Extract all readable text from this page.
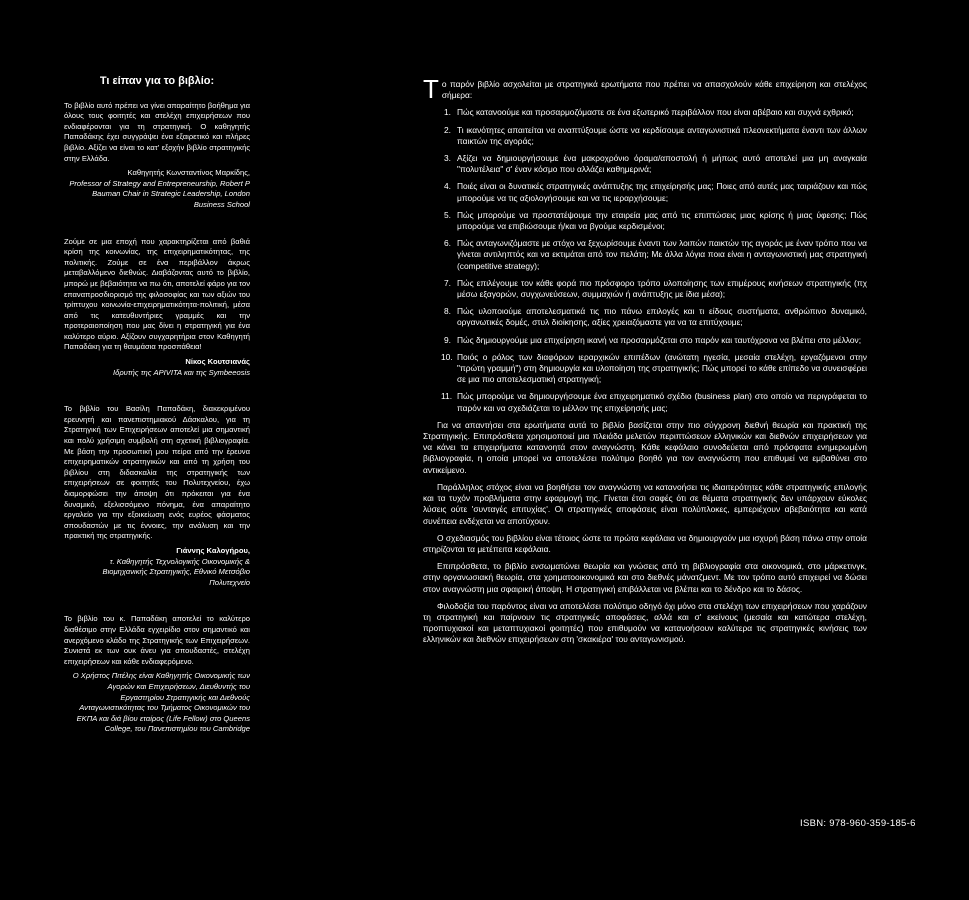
Τι είπαν για το βιβλίο:

Το βιβλίο αυτό πρέπει να γίνει απαραίτητο βοήθημα για όλους τους φοιτητές και στελέχη επιχειρήσεων που ενδιαφέρονται για τη στρατηγική. Ο καθηγητής Παπαδάκης έχει συγγράψει ένα εξαιρετικό και πλήρες βιβλίο. Αξίζει να είναι το κατ' εξοχήν βιβλίο στρατηγικής στην Ελλάδα.

Καθηγητής Κωνσταντίνος Μαρκίδης,
Professor of Strategy and Entrepreneurship, Robert P Bauman Chair in Strategic Leadership, London Business School

Ζούμε σε μια εποχή που χαρακτηρίζεται από βαθιά κρίση της κοινωνίας, της επιχειρηματικότητας, της πολιτικής. Ζούμε σε ένα περιβάλλον άκρως μεταβαλλόμενο διεθνώς. Διαβάζοντας αυτό το βιβλίο, μπορώ με βεβαιότητα να πω ότι, αποτελεί φάρο για τον επαναπροσδιορισμό της φιλοσοφίας και των αξιών του τρίπτυχου κοινωνία-επιχειρηματικότητα-πολιτική, μέσα από τις κατευθυντήριες γραμμές και την προτεραιοποίηση που μας δίνει η στρατηγική για ένα καλύτερο αύριο. Αξίζουν συγχαρητήρια στον Καθηγητή Παπαδάκη για τη θαυμάσια προσπάθεια!

Νίκος Κουτσιανάς
Ιδρυτής της APIVITA και της Symbeeosis

Το βιβλίο του Βασίλη Παπαδάκη, διακεκριμένου ερευνητή και πανεπιστημιακού Δάσκαλου, για τη Στρατηγική των Επιχειρήσεων αποτελεί μια σημαντική και πολύ χρήσιμη συμβολή στη σχετική βιβλιογραφία. Με βάση την προσωπική μου πείρα από την έρευνα επιχειρηματικών στρατηγικών και από τη χρήση του βιβλίου στη διδασκαλία της στρατηγικής των επιχειρήσεων σε φοιτητές του Πολυτεχνείου, έχω διαμορφώσει την άποψη ότι πρόκειται για ένα δυναμικό, εξελισσόμενο πόνημα, ένα απαραίτητο εργαλείο για την εξοικείωση ενός ευρέος φάσματος σπουδαστών με τις έννοιες, την ανάλυση και την πρακτική της στρατηγικής.

Γιάννης Καλογήρου,
τ. Καθηγητής Τεχνολογικής Οικονομικής & Βιομηχανικής Στρατηγικής, Εθνικό Μετσόβιο Πολυτεχνείο

Το βιβλίο του κ. Παπαδάκη αποτελεί το καλύτερο διαθέσιμο στην Ελλάδα εγχειρίδιο στον σημαντικό και ανερχόμενο κλάδο της Στρατηγικής των Επιχειρήσεων. Συνιστά εκ των ουκ άνευ για σπουδαστές, στελέχη επιχειρήσεων και κάθε ενδιαφερόμενο.

Ο Χρήστος Πιτέλης είναι Καθηγητής Οικονομικής των Αγορών και Επιχειρήσεων, Διευθυντής του Εργαστηρίου Στρατηγικής και Διεθνούς Ανταγωνιστικότητας του Τμήματος Οικονομικών του ΕΚΠΑ και διά βίου εταίρος (Life Fellow) στο Queens College, του Πανεπιστημίου του Cambridge

Το παρόν βιβλίο ασχολείται με στρατηγικά ερωτήματα που πρέπει να απασχολούν κάθε επιχείρηση και στελέχος σήμερα:

1. Πώς κατανοούμε και προσαρμοζόμαστε σε ένα εξωτερικό περιβάλλον που είναι αβέβαιο και συχνά εχθρικό;
2. Τι ικανότητες απαιτείται να αναπτύξουμε ώστε να κερδίσουμε ανταγωνιστικά πλεονεκτήματα έναντι των άλλων παικτών της αγοράς;
3. Αξίζει να δημιουργήσουμε ένα μακροχρόνιο όραμα/αποστολή ή μήπως αυτό αποτελεί μια μη αναγκαία "πολυτέλεια" σ' έναν κόσμο που αλλάζει καθημερινά;
4. Ποιές είναι οι δυνατικές στρατηγικές ανάπτυξης της επιχείρησής μας; Ποιες από αυτές μας ταιριάζουν και πώς μπορούμε να τις αξιολογήσουμε και να τις ιεραρχήσουμε;
5. Πώς μπορούμε να προστατέψουμε την εταιρεία μας από τις επιπτώσεις μιας κρίσης ή μιας ύφεσης; Πώς μπορούμε να επιβιώσουμε ή/και να βγούμε κερδισμένοι;
6. Πώς ανταγωνιζόμαστε με στόχο να ξεχωρίσουμε έναντι των λοιπών παικτών της αγοράς με έναν τρόπο που να γίνεται αντιληπτός και να εκτιμάται από τον πελάτη; Με άλλα λόγια ποια είναι η ανταγωνιστική μας στρατηγική (competitive strategy);
7. Πώς επιλέγουμε τον κάθε φορά πιο πρόσφορο τρόπο υλοποίησης των επιμέρους κινήσεων στρατηγικής (πχ μέσω εξαγορών, συγχωνεύσεων, συμμαχιών ή ανάπτυξης με ίδια μέσα);
8. Πώς υλοποιούμε αποτελεσματικά τις πιο πάνω επιλογές και τι είδους συστήματα, ανθρώπινο δυναμικό, οργανωτικές δομές, στυλ διοίκησης, αξίες χρειαζόμαστε για να τα επιτύχουμε;
9. Πώς δημιουργούμε μια επιχείρηση ικανή να προσαρμόζεται στο παρόν και ταυτόχρονα να βλέπει στο μέλλον;
10. Ποιός ο ρόλος των διαφόρων ιεραρχικών επιπέδων (ανώτατη ηγεσία, μεσαία στελέχη, εργαζόμενοι στην "πρώτη γραμμή") στη δημιουργία και υλοποίηση της στρατηγικής; Πώς μπορεί το κάθε επίπεδο να συνεισφέρει σε μια πιο αποτελεσματική στρατηγική;
11. Πώς μπορούμε να δημιουργήσουμε ένα επιχειρηματικό σχέδιο (business plan) στο οποίο να περιγράφεται το παρόν και να σχεδιάζεται το μέλλον της επιχείρησής μας;

Για να απαντήσει στα ερωτήματα αυτά το βιβλίο βασίζεται στην πιο σύγχρονη διεθνή θεωρία και πρακτική της Στρατηγικής. Επιπρόσθετα χρησιμοποιεί μια πλειάδα μελετών περιπτώσεων ελληνικών και διεθνών επιχειρήσεων για να κάνει τα επιχειρήματα κατανοητά στον αναγνώστη. Κάθε κεφάλαιο συνοδεύεται από πρόσφατα ενημερωμένη βιβλιογραφία, η οποία μπορεί να αποτελέσει πολύτιμο βοηθό για τον αναγνώστη που επιθυμεί να εμβαθύνει στο αντικείμενο.

Παράλληλος στόχος είναι να βοηθήσει τον αναγνώστη να κατανοήσει τις ιδιαιτερότητες κάθε στρατηγικής επιλογής και τα τυχόν προβλήματα στην εφαρμογή της. Γίνεται έτσι σαφές ότι σε θέματα στρατηγικής δεν υπάρχουν εύκολες λύσεις ούτε 'συνταγές επιτυχίας'. Οι στρατηγικές αποφάσεις είναι πολύπλοκες, εμπεριέχουν αβεβαιότητα και κατά συνέπεια ενδέχεται να αποτύχουν.

Ο σχεδιασμός του βιβλίου είναι τέτοιος ώστε τα πρώτα κεφάλαια να δημιουργούν μια ισχυρή βάση πάνω στην οποία στηρίζονται τα μετέπειτα κεφάλαια.

Επιπρόσθετα, το βιβλίο ενσωματώνει θεωρία και γνώσεις από τη βιβλιογραφία στα οικονομικά, στο μάρκετινγκ, στην οργανωσιακή θεωρία, στα χρηματοοικονομικά και στο διεθνές μάνατζμεντ. Με τον τρόπο αυτό επιχειρεί να δώσει στον αναγνώστη μια σφαιρική άποψη. Η στρατηγική επιβάλλεται να βλέπει και το δένδρο και το δάσος.

Φιλοδοξία του παρόντος είναι να αποτελέσει πολύτιμο οδηγό όχι μόνο στα στελέχη των επιχειρήσεων που χαράζουν τη στρατηγική και παίρνουν τις στρατηγικές αποφάσεις, αλλά και σ' εκείνους (μεσαία και κατώτερα στελέχη, προπτυχιακοί και μεταπτυχιακοί φοιτητές) που επιθυμούν να κατανοήσουν καλύτερα τις στρατηγικές κινήσεις των ελληνικών και διεθνών επιχειρήσεων στη 'σκακιέρα' του ανταγωνισμού.

ISBN: 978-960-359-185-6
